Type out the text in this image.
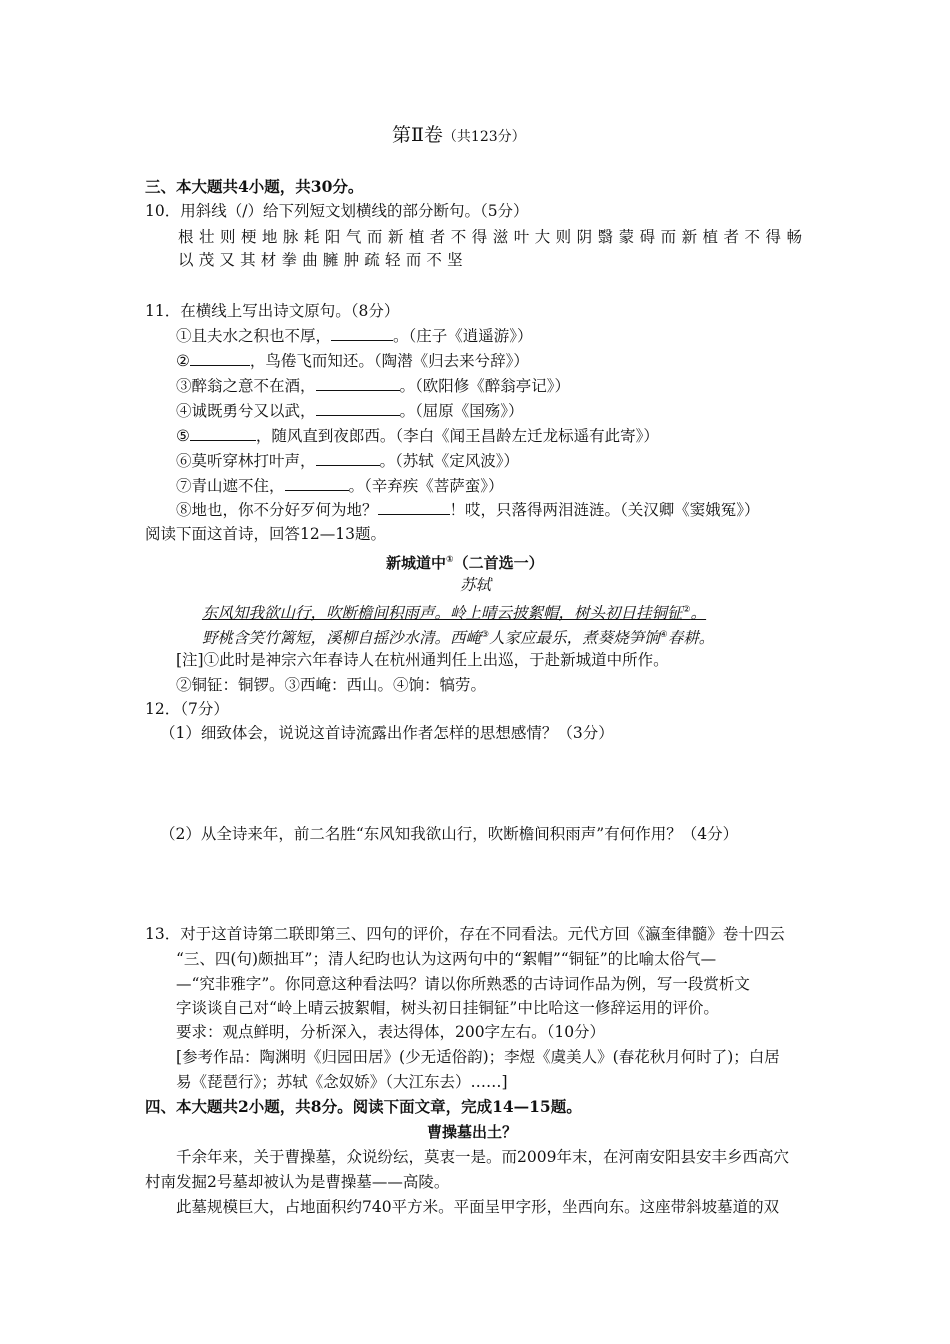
第Ⅱ卷（共123分）
三、本大题共4小题，共30分。
10．用斜线（/）给下列短文划横线的部分断句。（5分）
根壮则梗地脉耗阳气而新植者不得滋叶大则阴翳蒙碍而新植者不得畅
以茂又其材拳曲臃肿疏轻而不坚
11．在横线上写出诗文原句。（8分）
①且夫水之积也不厚，	。（庄子《逍遥游》）
②	，鸟倦飞而知还。（陶潜《归去来兮辞》）
③醉翁之意不在酒，	。（欧阳修《醉翁亭记》）
④诚既勇兮又以武，	。（屈原《国殇》）
⑤	，随风直到夜郎西。（李白《闻王昌龄左迁龙标遥有此寄》）
⑥莫听穿林打叶声，	。（苏轼《定风波》）
⑦青山遮不住，	。（辛弃疾《菩萨蛮》）
⑧地也，你不分好歹何为地？	！哎，只落得两泪涟涟。（关汉卿《窦娥冤》）
阅读下面这首诗，回答12—13题。
新城道中①（二首选一）
苏轼
东风知我欲山行，吹断檐间积雨声。岭上晴云披絮帽，树头初日挂铜钲②。
野桃含笑竹篱短，溪柳自摇沙水清。西崦③人家应最乐，煮葵烧笋饷④春耕。
[注]①此时是神宗六年春诗人在杭州通判任上出巡，于赴新城道中所作。
②铜钲：铜锣。③西崦：西山。④饷：犒劳。
12．（7分）
（1）细致体会，说说这首诗流露出作者怎样的思想感情？（3分）
（2）从全诗来年，前二名胜“东风知我欲山行，吹断檐间积雨声”有何作用？（4分）
13．对于这首诗第二联即第三、四句的评价，存在不同看法。元代方回《瀛奎律髓》卷十四云
“三、四(句)颇拙耳”；清人纪昀也认为这两句中的“絮帽”“铜钲”的比喻太俗气—
—“究非雅字”。你同意这种看法吗？请以你所熟悉的古诗词作品为例，写一段赏析文
字谈谈自己对“岭上晴云披絮帽，树头初日挂铜钲”中比哈这一修辞运用的评价。
要求：观点鲜明，分析深入，表达得体，200字左右。（10分）
[参考作品：陶渊明《归园田居》(少无适俗韵)；李煜《虞美人》(春花秋月何时了)；白居
易《琵琶行》；苏轼《念奴娇》（大江东去）……]
四、本大题共2小题，共8分。阅读下面文章，完成14—15题。
曹操墓出土？
千余年来，关于曹操墓，众说纷纭，莫衷一是。而2009年末，在河南安阳县安丰乡西高穴
村南发掘2号墓却被认为是曹操墓——高陵。
此墓规模巨大，占地面积约740平方米。平面呈甲字形，坐西向东。这座带斜坡墓道的双
